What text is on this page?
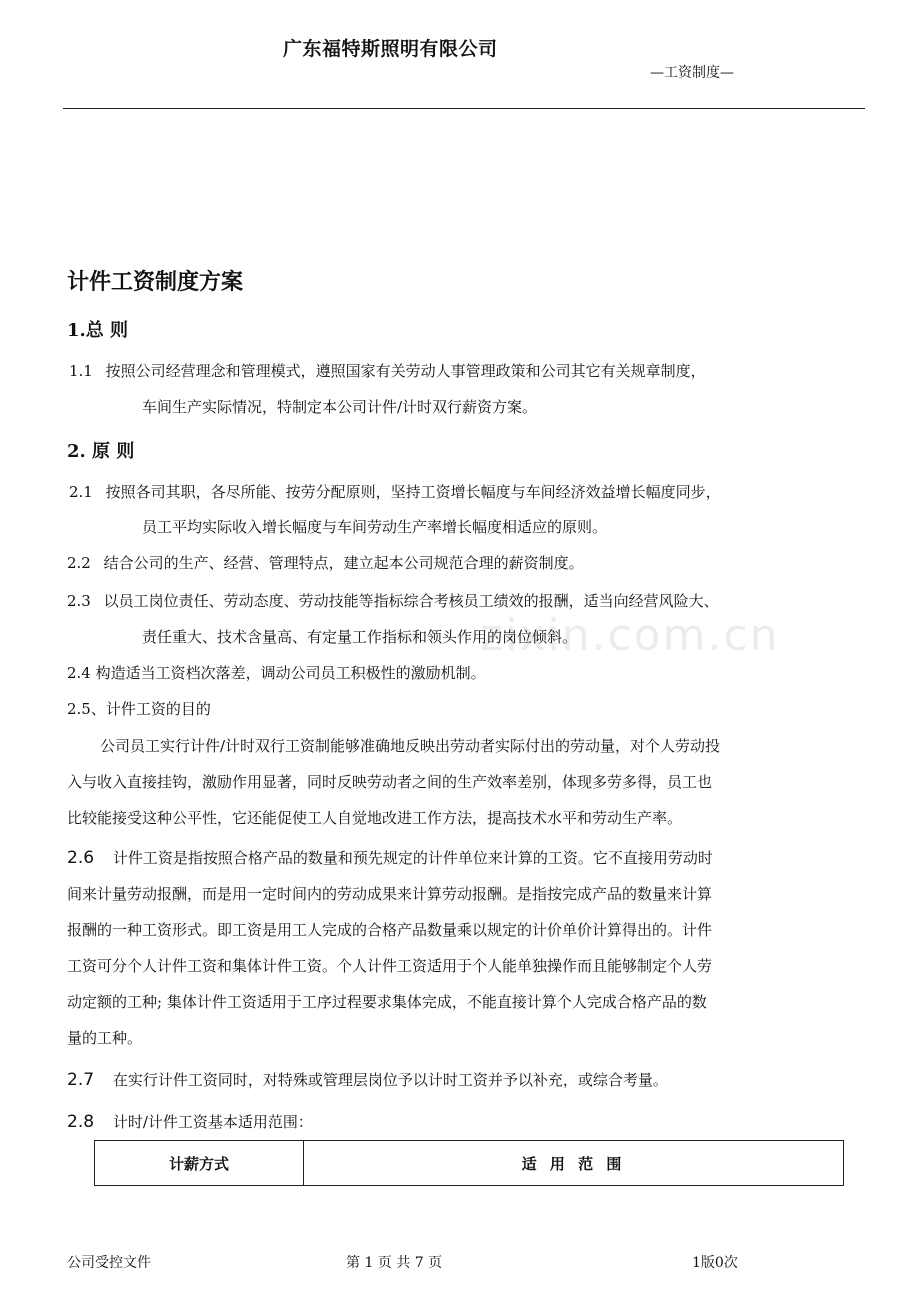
广东福特斯照明有限公司
—工资制度—
zixin.com.cn
计件工资制度方案
1.总 则
1.1 按照公司经营理念和管理模式，遵照国家有关劳动人事管理政策和公司其它有关规章制度，
车间生产实际情况，特制定本公司计件/计时双行薪资方案。
2. 原 则
2.1 按照各司其职，各尽所能、按劳分配原则，坚持工资增长幅度与车间经济效益增长幅度同步，
员工平均实际收入增长幅度与车间劳动生产率增长幅度相适应的原则。
2.2 结合公司的生产、经营、管理特点，建立起本公司规范合理的薪资制度。
2.3 以员工岗位责任、劳动态度、劳动技能等指标综合考核员工绩效的报酬，适当向经营风险大、
责任重大、技术含量高、有定量工作指标和领头作用的岗位倾斜。
2.4 构造适当工资档次落差，调动公司员工积极性的激励机制。
2.5、计件工资的目的
公司员工实行计件/计时双行工资制能够准确地反映出劳动者实际付出的劳动量，对个人劳动投
入与收入直接挂钩，激励作用显著，同时反映劳动者之间的生产效率差别，体现多劳多得，员工也
比较能接受这种公平性，它还能促使工人自觉地改进工作方法，提高技术水平和劳动生产率。
2.6 计件工资是指按照合格产品的数量和预先规定的计件单位来计算的工资。它不直接用劳动时
间来计量劳动报酬，而是用一定时间内的劳动成果来计算劳动报酬。是指按完成产品的数量来计算
报酬的一种工资形式。即工资是用工人完成的合格产品数量乘以规定的计价单价计算得出的。计件
工资可分个人计件工资和集体计件工资。个人计件工资适用于个人能单独操作而且能够制定个人劳
动定额的工种; 集体计件工资适用于工序过程要求集体完成，不能直接计算个人完成合格产品的数
量的工种。
2.7 在实行计件工资同时，对特殊或管理层岗位予以计时工资并予以补充，或综合考量。
2.8 计时/计件工资基本适用范围：
计薪方式	适 用 范 围
公司受控文件	第 1 页 共 7 页	1版0次
